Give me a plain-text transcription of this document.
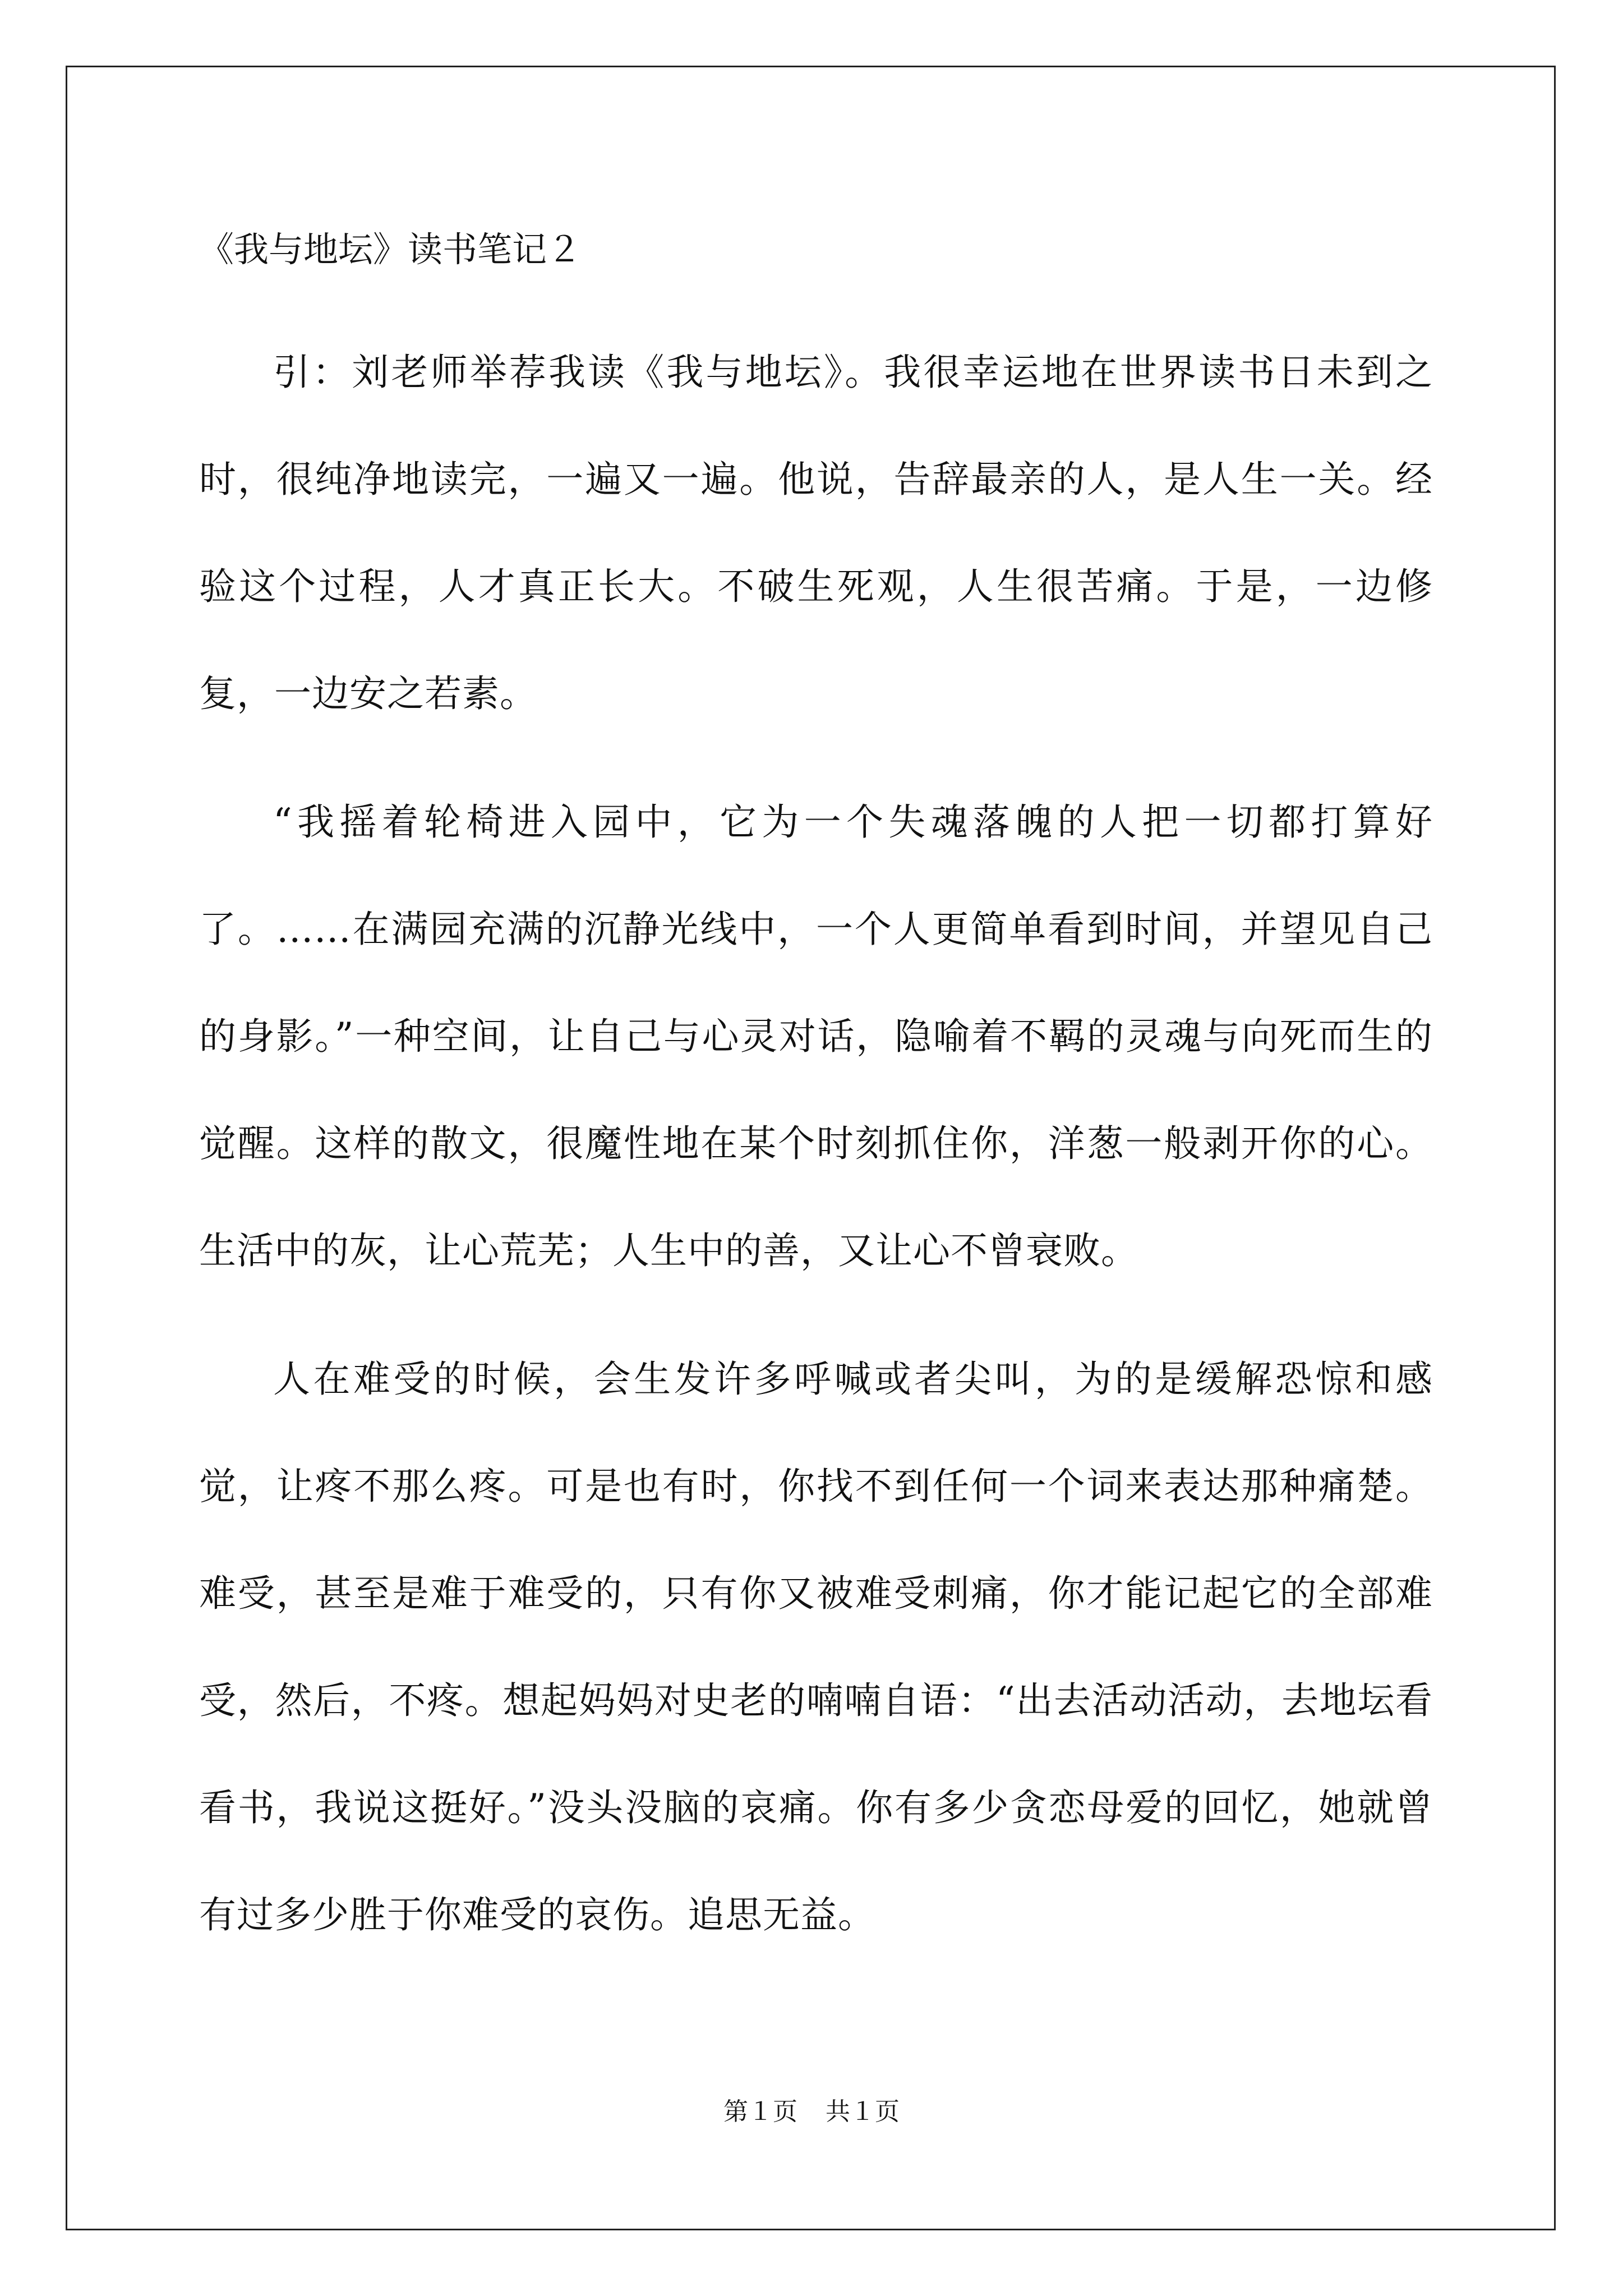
《我与地坛》读书笔记２

引：刘老师举荐我读《我与地坛》。我很幸运地在世界读书日未到之时，很纯净地读完，一遍又一遍。他说，告辞最亲的人，是人生一关。经验这个过程，人才真正长大。不破生死观，人生很苦痛。于是，一边修复，一边安之若素。

“我摇着轮椅进入园中，它为一个失魂落魄的人把一切都打算好了。……在满园充满的沉静光线中，一个人更简单看到时间，并望见自己的身影。”一种空间，让自己与心灵对话，隐喻着不羁的灵魂与向死而生的觉醒。这样的散文，很魔性地在某个时刻抓住你，洋葱一般剥开你的心。生活中的灰，让心荒芜；人生中的善，又让心不曾衰败。

人在难受的时候，会生发许多呼喊或者尖叫，为的是缓解恐惊和感觉，让疼不那么疼。可是也有时，你找不到任何一个词来表达那种痛楚。难受，甚至是难于难受的，只有你又被难受刺痛，你才能记起它的全部难受，然后，不疼。想起妈妈对史老的喃喃自语：“出去活动活动，去地坛看看书，我说这挺好。”没头没脑的哀痛。你有多少贪恋母爱的回忆，她就曾有过多少胜于你难受的哀伤。追思无益。

第１页 共１页
